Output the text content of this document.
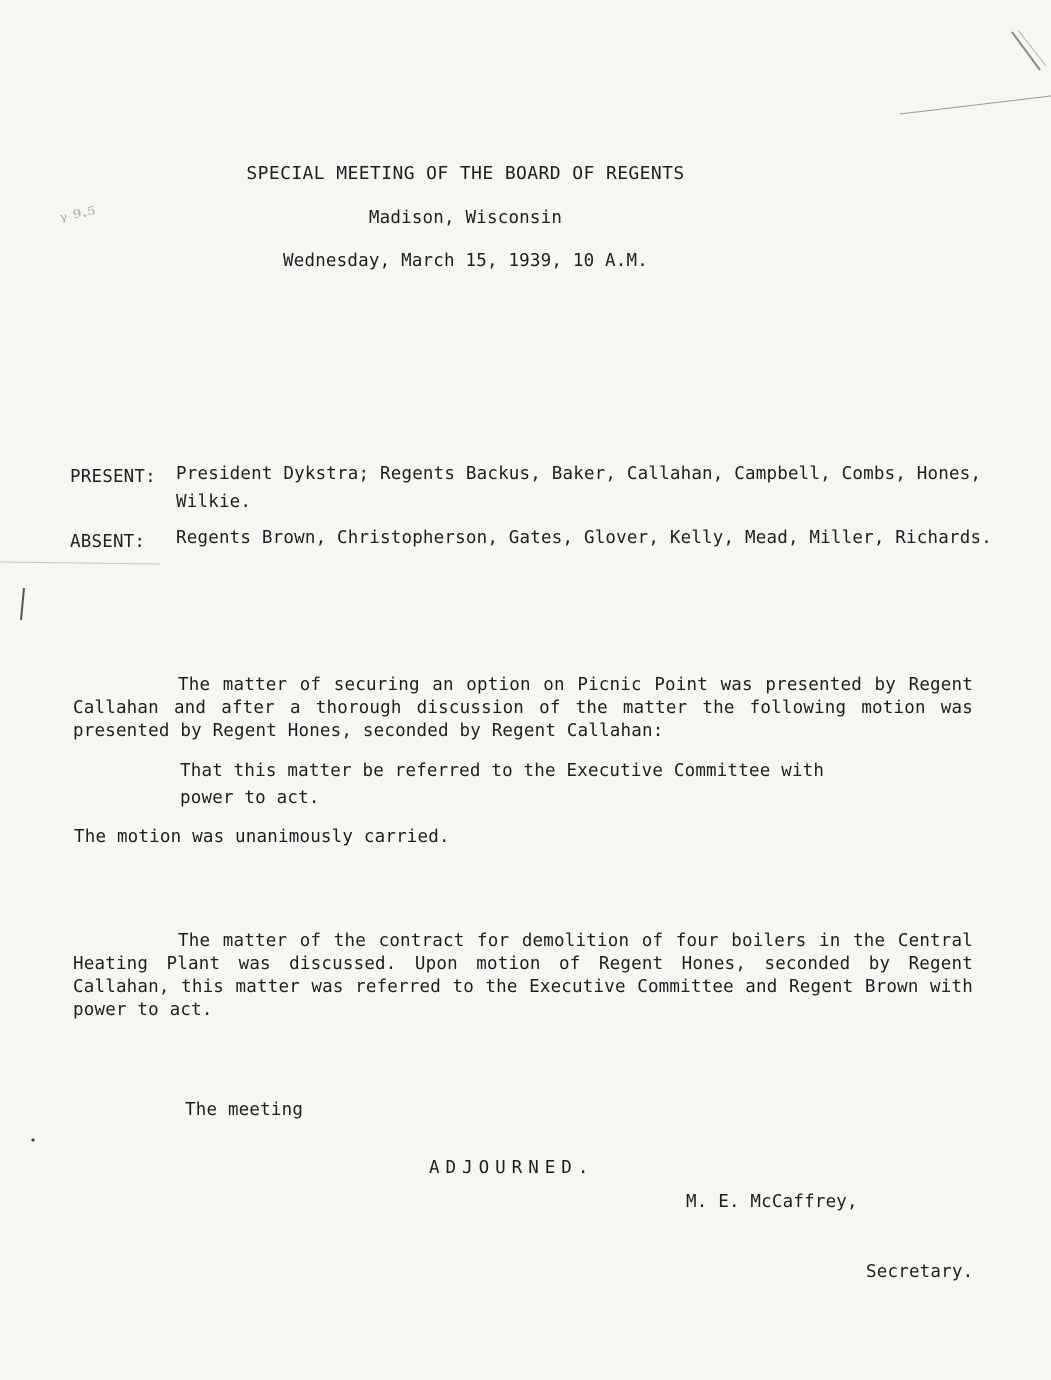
ᵞ ⁹·⁵
SPECIAL MEETING OF THE BOARD OF REGENTS
Madison, Wisconsin
Wednesday, March 15, 1939, 10 A.M.
PRESENT: President Dykstra; Regents Backus, Baker, Callahan, Campbell, Combs, Hones, Wilkie.
ABSENT: Regents Brown, Christopherson, Gates, Glover, Kelly, Mead, Miller, Richards.
The matter of securing an option on Picnic Point was presented by Regent Callahan and after a thorough discussion of the matter the following motion was presented by Regent Hones, seconded by Regent Callahan:
That this matter be referred to the Executive Committee with power to act.
The motion was unanimously carried.
The matter of the contract for demolition of four boilers in the Central Heating Plant was discussed. Upon motion of Regent Hones, seconded by Regent Callahan, this matter was referred to the Executive Committee and Regent Brown with power to act.
The meeting
ADJOURNED.
M. E. McCaffrey,
Secretary.
